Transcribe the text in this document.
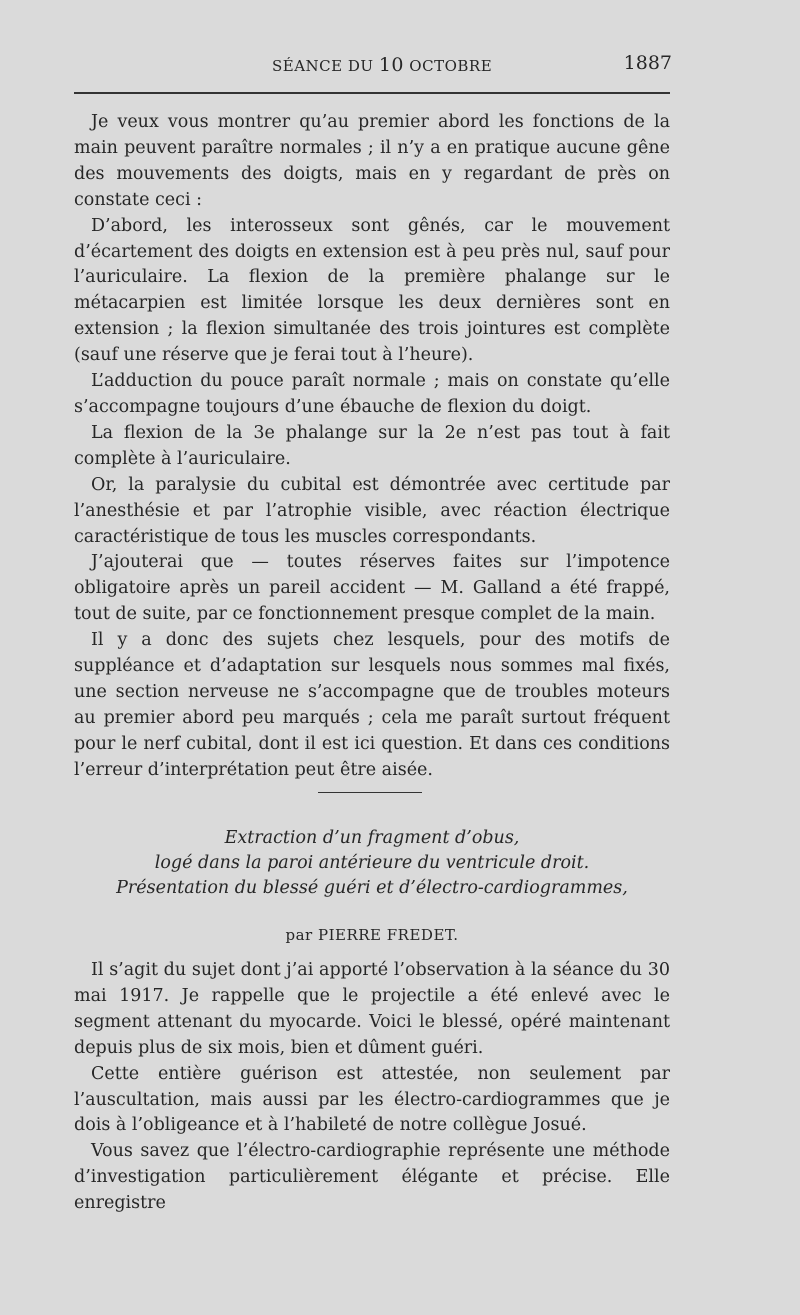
SÉANCE DU 10 OCTOBRE	1887

Je veux vous montrer qu’au premier abord les fonctions de la main peuvent paraître normales ; il n’y a en pratique aucune gêne des mouvements des doigts, mais en y regardant de près on constate ceci :

D’abord, les interosseux sont gênés, car le mouvement d’écartement des doigts en extension est à peu près nul, sauf pour l’auriculaire. La flexion de la première phalange sur le métacarpien est limitée lorsque les deux dernières sont en extension ; la flexion simultanée des trois jointures est complète (sauf une réserve que je ferai tout à l’heure).

L’adduction du pouce paraît normale ; mais on constate qu’elle s’accompagne toujours d’une ébauche de flexion du doigt.

La flexion de la 3e phalange sur la 2e n’est pas tout à fait complète à l’auriculaire.

Or, la paralysie du cubital est démontrée avec certitude par l’anesthésie et par l’atrophie visible, avec réaction électrique caractéristique de tous les muscles correspondants.

J’ajouterai que — toutes réserves faites sur l’impotence obligatoire après un pareil accident — M. Galland a été frappé, tout de suite, par ce fonctionnement presque complet de la main.

Il y a donc des sujets chez lesquels, pour des motifs de suppléance et d’adaptation sur lesquels nous sommes mal fixés, une section nerveuse ne s’accompagne que de troubles moteurs au premier abord peu marqués ; cela me paraît surtout fréquent pour le nerf cubital, dont il est ici question. Et dans ces conditions l’erreur d’interprétation peut être aisée.

Extraction d’un fragment d’obus,
logé dans la paroi antérieure du ventricule droit.
Présentation du blessé guéri et d’électro-cardiogrammes,
par PIERRE FREDET.

Il s’agit du sujet dont j’ai apporté l’observation à la séance du 30 mai 1917. Je rappelle que le projectile a été enlevé avec le segment attenant du myocarde. Voici le blessé, opéré maintenant depuis plus de six mois, bien et dûment guéri.

Cette entière guérison est attestée, non seulement par l’auscultation, mais aussi par les électro-cardiogrammes que je dois à l’obligeance et à l’habileté de notre collègue Josué.

Vous savez que l’électro-cardiographie représente une méthode d’investigation particulièrement élégante et précise. Elle enregistre
